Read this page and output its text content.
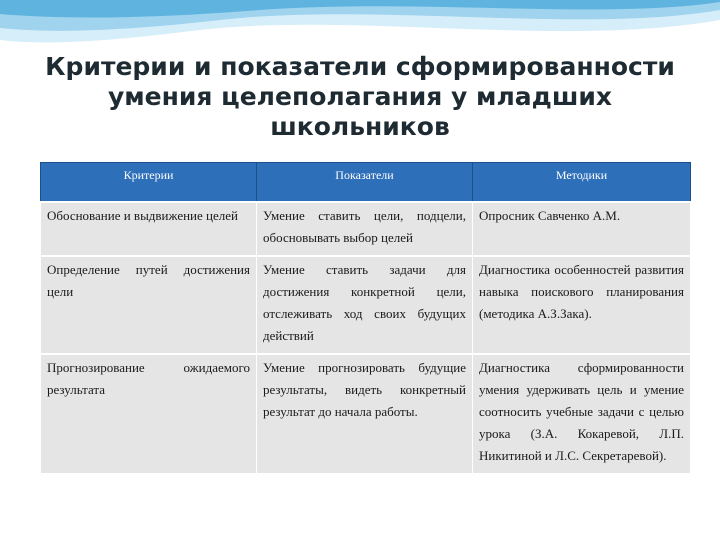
Критерии и показатели сформированности умения целеполагания у младших школьников
Критерии	Показатели	Методики
Обоснование и выдвижение целей	Умение ставить цели, подцели, обосновывать выбор целей	Опросник Савченко А.М.
Определение путей достижения цели	Умение ставить задачи для достижения конкретной цели, отслеживать ход своих будущих действий	Диагностика особенностей развития навыка поискового планирования (методика А.З.Зака).
Прогнозирование ожидаемого результата	Умение прогнозировать будущие результаты, видеть конкретный результат до начала работы.	Диагностика сформированности умения удерживать цель и умение соотносить учебные задачи с целью урока (З.А. Кокаревой, Л.П. Никитиной и Л.С. Секретаревой).
